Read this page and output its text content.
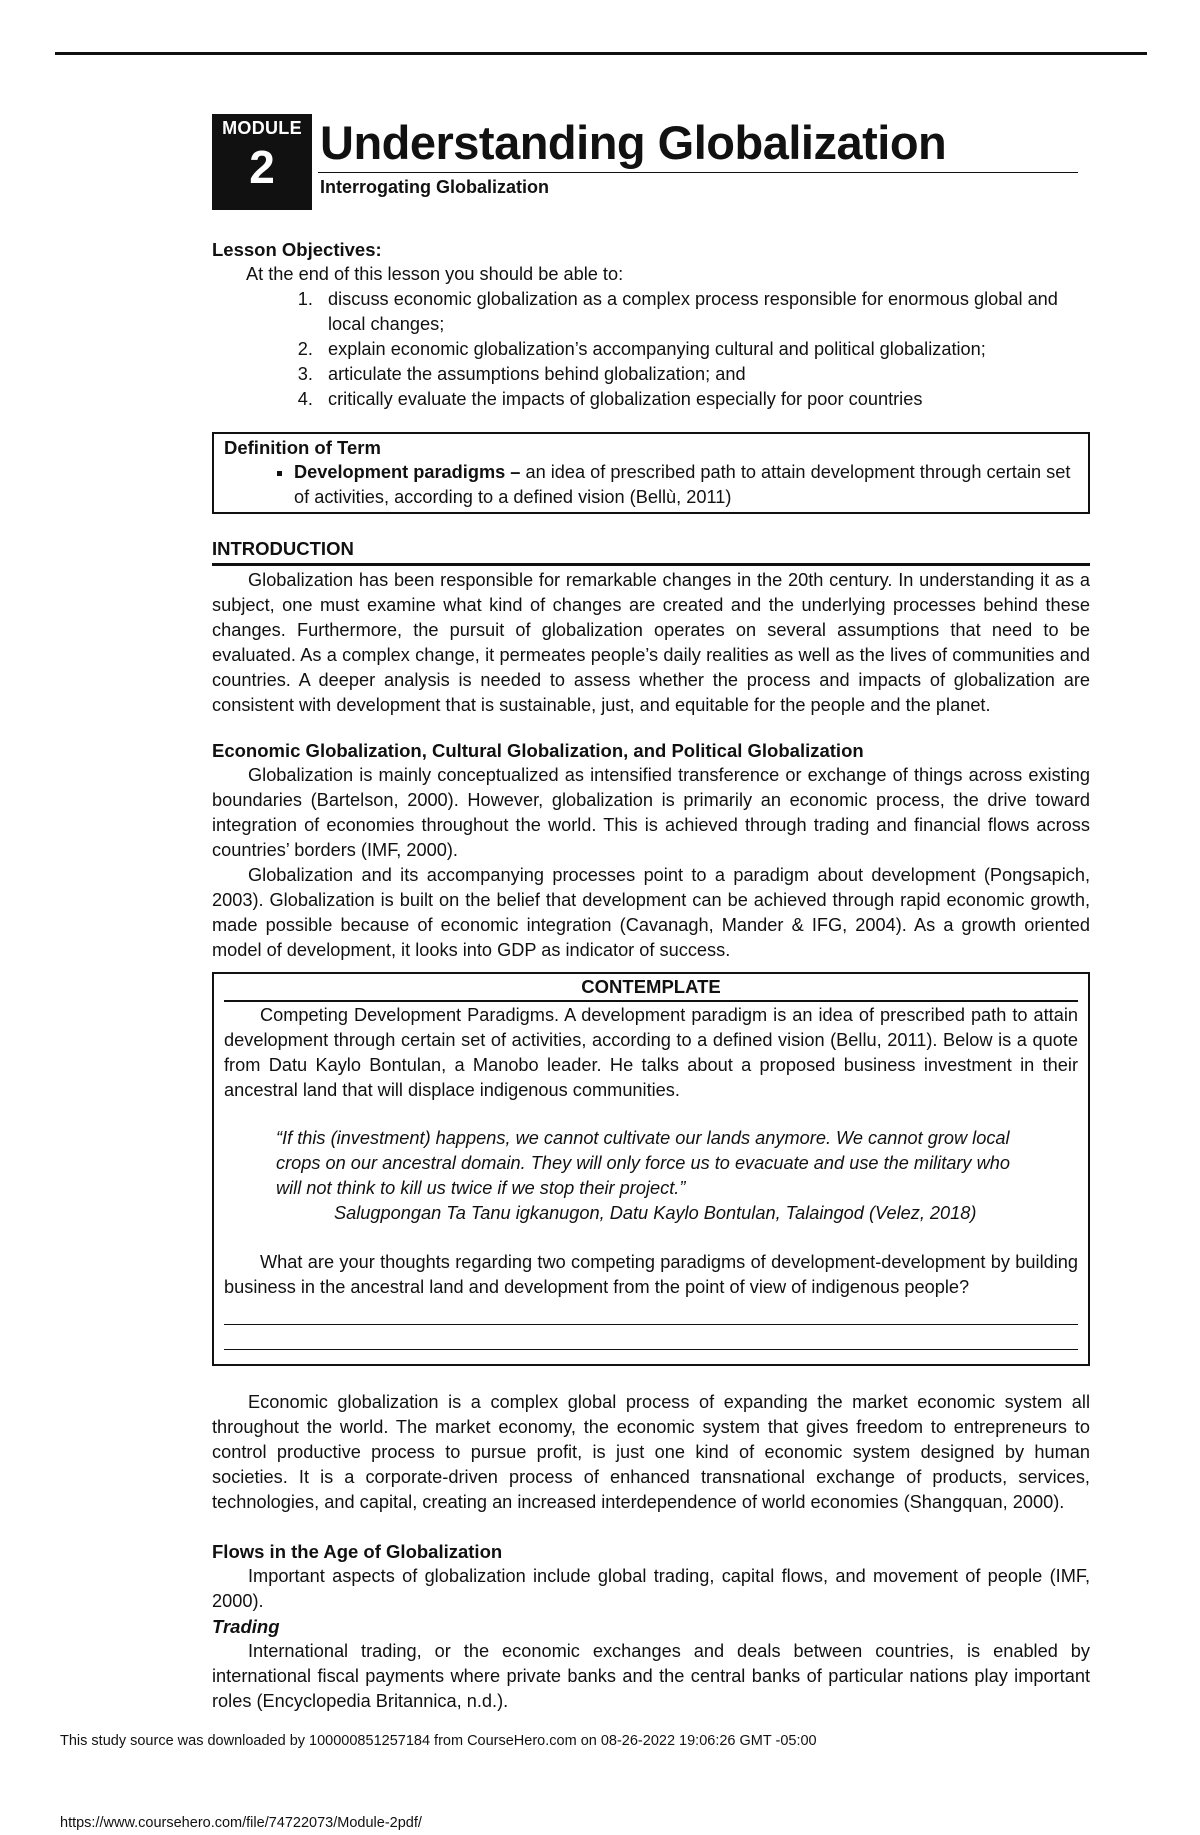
MODULE
2 Understanding Globalization
Interrogating Globalization
Lesson Objectives:
At the end of this lesson you should be able to:
1. discuss economic globalization as a complex process responsible for enormous global and local changes;
2. explain economic globalization’s accompanying cultural and political globalization;
3. articulate the assumptions behind globalization; and
4. critically evaluate the impacts of globalization especially for poor countries
Definition of Term
▪ Development paradigms – an idea of prescribed path to attain development through certain set of activities, according to a defined vision (Bellù, 2011)
INTRODUCTION

Globalization has been responsible for remarkable changes in the 20th century. In understanding it as a subject, one must examine what kind of changes are created and the underlying processes behind these changes. Furthermore, the pursuit of globalization operates on several assumptions that need to be evaluated. As a complex change, it permeates people’s daily realities as well as the lives of communities and countries. A deeper analysis is needed to assess whether the process and impacts of globalization are consistent with development that is sustainable, just, and equitable for the people and the planet.

Economic Globalization, Cultural Globalization, and Political Globalization

Globalization is mainly conceptualized as intensified transference or exchange of things across existing boundaries (Bartelson, 2000). However, globalization is primarily an economic process, the drive toward integration of economies throughout the world. This is achieved through trading and financial flows across countries’ borders (IMF, 2000).

Globalization and its accompanying processes point to a paradigm about development (Pongsapich, 2003). Globalization is built on the belief that development can be achieved through rapid economic growth, made possible because of economic integration (Cavanagh, Mander & IFG, 2004). As a growth oriented model of development, it looks into GDP as indicator of success.

CONTEMPLATE

Competing Development Paradigms. A development paradigm is an idea of prescribed path to attain development through certain set of activities, according to a defined vision (Bellu, 2011). Below is a quote from Datu Kaylo Bontulan, a Manobo leader. He talks about a proposed business investment in their ancestral land that will displace indigenous communities.

“If this (investment) happens, we cannot cultivate our lands anymore. We cannot grow local crops on our ancestral domain. They will only force us to evacuate and use the military who will not think to kill us twice if we stop their project.”

Salugpongan Ta Tanu igkanugon, Datu Kaylo Bontulan, Talaingod (Velez, 2018)

What are your thoughts regarding two competing paradigms of development-development by building business in the ancestral land and development from the point of view of indigenous people?

Economic globalization is a complex global process of expanding the market economic system all throughout the world. The market economy, the economic system that gives freedom to entrepreneurs to control productive process to pursue profit, is just one kind of economic system designed by human societies. It is a corporate-driven process of enhanced transnational exchange of products, services, technologies, and capital, creating an increased interdependence of world economies (Shangquan, 2000).

Flows in the Age of Globalization

Important aspects of globalization include global trading, capital flows, and movement of people (IMF, 2000).

Trading

International trading, or the economic exchanges and deals between countries, is enabled by international fiscal payments where private banks and the central banks of particular nations play important roles (Encyclopedia Britannica, n.d.).

This study source was downloaded by 100000851257184 from CourseHero.com on 08-26-2022 19:06:26 GMT -05:00
https://www.coursehero.com/file/74722073/Module-2pdf/
